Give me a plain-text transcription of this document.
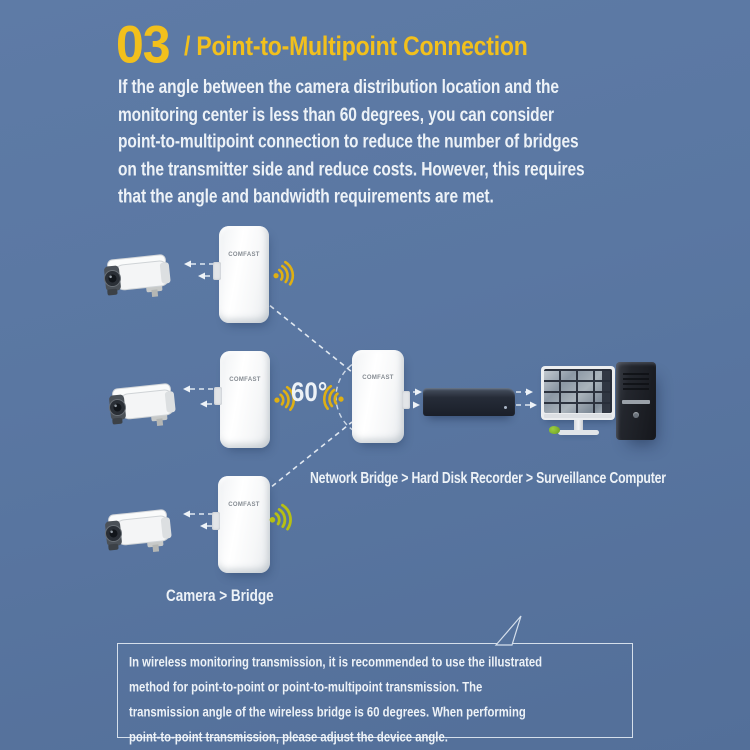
03 / Point-to-Multipoint Connection
If the angle between the camera distribution location and the
monitoring center is less than 60 degrees, you can consider
point-to-multipoint connection to reduce the number of bridges
on the transmitter side and reduce costs. However, this requires
that the angle and bandwidth requirements are met.
COMFAST
COMFAST
COMFAST
COMFAST
60°
Network Bridge > Hard Disk Recorder > Surveillance Computer
Camera > Bridge
In wireless monitoring transmission, it is recommended to use the illustrated
method for point-to-point or point-to-multipoint transmission. The
transmission angle of the wireless bridge is 60 degrees. When performing
point-to-point transmission, please adjust the device angle.
